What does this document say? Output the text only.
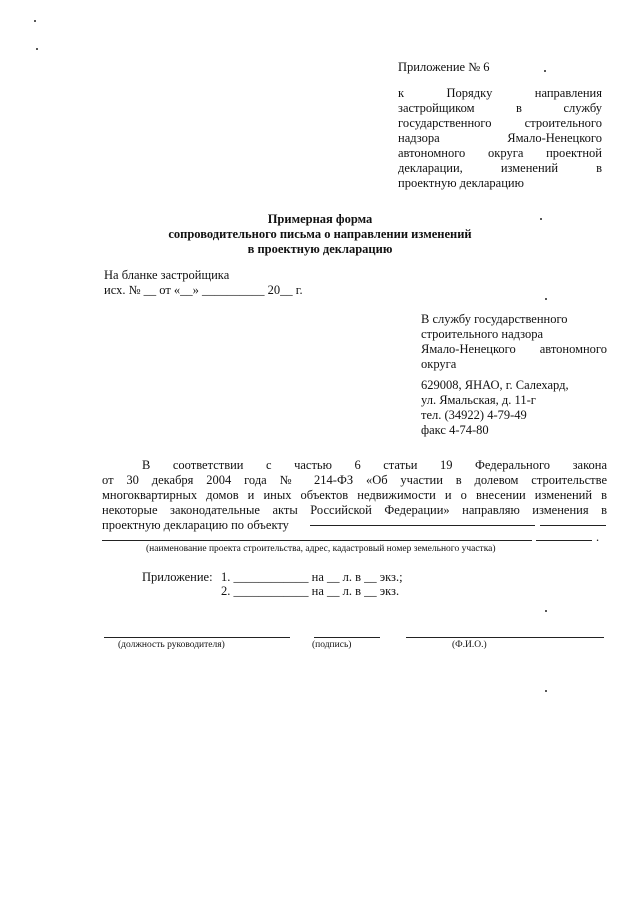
Приложение № 6
к Порядку направления
застройщиком в службу
государственного строительного
надзора Ямало-Ненецкого
автономного округа проектной
декларации, изменений в
проектную декларацию
Примерная форма
сопроводительного письма о направлении изменений
в проектную декларацию
На бланке застройщика
исх. № __ от «__» __________ 20__ г.
В службу государственного
строительного надзора
Ямало-Ненецкого автономного
округа
629008, ЯНАО, г. Салехард,
ул. Ямальская, д. 11-г
тел. (34922) 4-79-49
факс 4-74-80
В соответствии с частью 6 статьи 19 Федерального закона
от 30 декабря 2004 года № 214-ФЗ «Об участии в долевом строительстве
многоквартирных домов и иных объектов недвижимости и о внесении изменений в
некоторые законодательные акты Российской Федерации» направляю изменения в
проектную декларацию по объекту
.
(наименование проекта строительства, адрес, кадастровый номер земельного участка)
Приложение: 1. ____________ на __ л. в __ экз.;
2. ____________ на __ л. в __ экз.
(должность руководителя)	(подпись)	(Ф.И.О.)
